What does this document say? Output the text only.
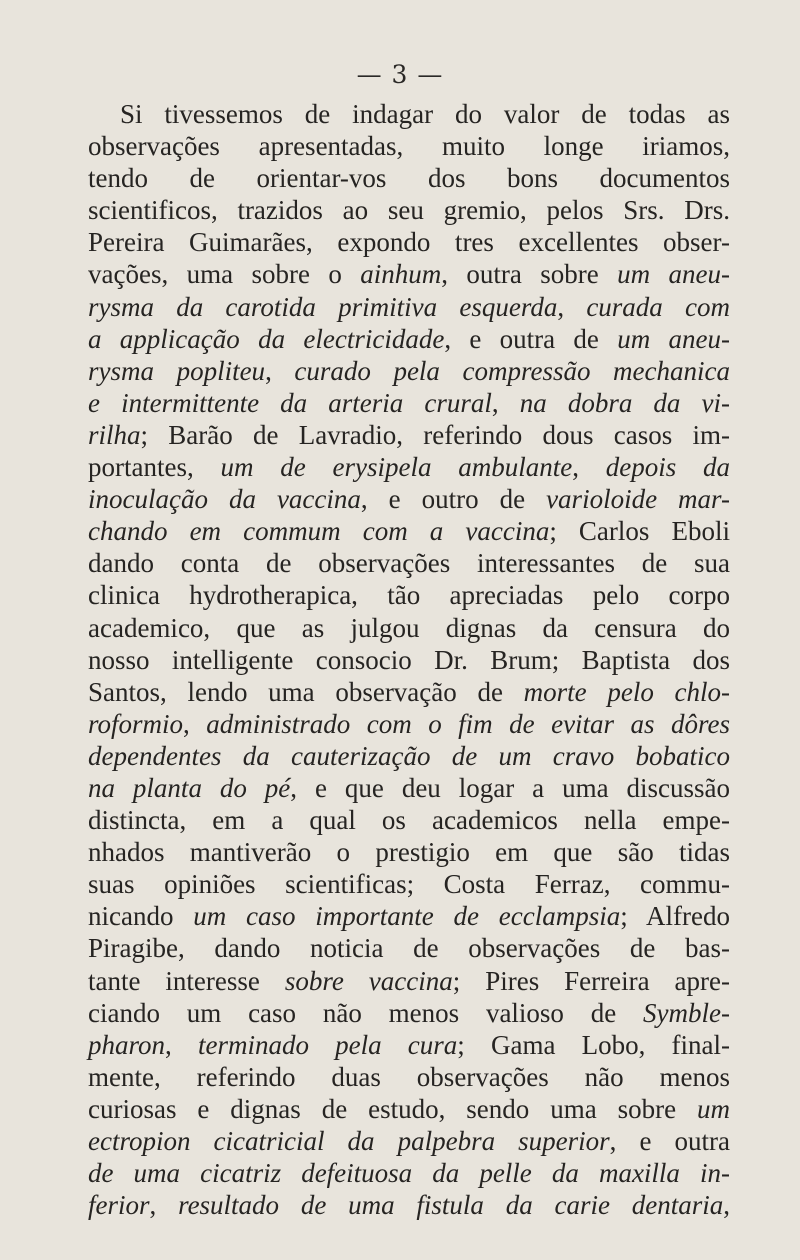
— 3 —
Si tivessemos de indagar do valor de todas as
observações apresentadas, muito longe iriamos,
tendo de orientar-vos dos bons documentos
scientificos, trazidos ao seu gremio, pelos Srs. Drs.
Pereira Guimarães, expondo tres excellentes obser-
vações, uma sobre o ainhum, outra sobre um aneu-
rysma da carotida primitiva esquerda, curada com
a applicação da electricidade, e outra de um aneu-
rysma popliteu, curado pela compressão mechanica
e intermittente da arteria crural, na dobra da vi-
rilha; Barão de Lavradio, referindo dous casos im-
portantes, um de erysipela ambulante, depois da
inoculação da vaccina, e outro de varioloide mar-
chando em commum com a vaccina; Carlos Eboli
dando conta de observações interessantes de sua
clinica hydrotherapica, tão apreciadas pelo corpo
academico, que as julgou dignas da censura do
nosso intelligente consocio Dr. Brum; Baptista dos
Santos, lendo uma observação de morte pelo chlo-
roformio, administrado com o fim de evitar as dôres
dependentes da cauterização de um cravo bobatico
na planta do pé, e que deu logar a uma discussão
distincta, em a qual os academicos nella empe-
nhados mantiverão o prestigio em que são tidas
suas opiniões scientificas; Costa Ferraz, commu-
nicando um caso importante de ecclampsia; Alfredo
Piragibe, dando noticia de observações de bas-
tante interesse sobre vaccina; Pires Ferreira apre-
ciando um caso não menos valioso de Symble-
pharon, terminado pela cura; Gama Lobo, final-
mente, referindo duas observações não menos
curiosas e dignas de estudo, sendo uma sobre um
ectropion cicatricial da palpebra superior, e outra
de uma cicatriz defeituosa da pelle da maxilla in-
ferior, resultado de uma fistula da carie dentaria,
